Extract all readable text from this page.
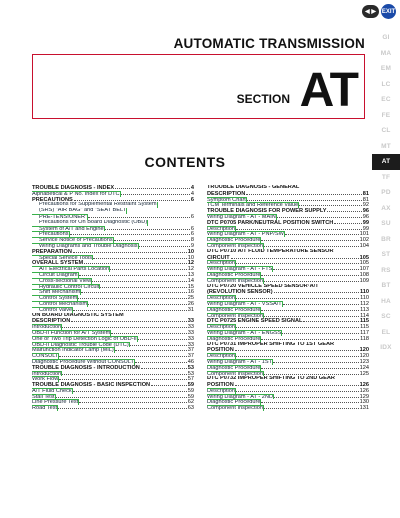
◀ ▶ EXIT
AUTOMATIC TRANSMISSION
SECTION AT
CONTENTS
TROUBLE DIAGNOSIS - INDEX	4
Alphabetical & P No. Index for DTC	4
PRECAUTIONS	6
Precautions for Supplemental Restraint System
(SRS) "AIR BAG" and "SEAT BELT
PRE-TENSIONER"	6
Precautions for On Board Diagnostic (OBD)
System of A/T and Engine	6
Precautions	6
Service Notice or Precautions	8
Wiring Diagrams and Trouble Diagnosis	9
PREPARATION	10
Special Service Tools	10
OVERALL SYSTEM	12
A/T Electrical Parts Location	12
Circuit Diagram	13
Cross-sectional View	14
Hydraulic Control Circuit	15
Shift Mechanism	16
Control System	25
Control Mechanism	26
Control Valve	31
ON BOARD DIAGNOSTIC SYSTEM
DESCRIPTION	33
Introduction	33
OBD-II Function for A/T System	33
One or Two Trip Detection Logic of OBD-II	33
OBD-II Diagnostic Trouble Code (DTC)	33
Malfunction Indicator Lamp (MIL)	37
CONSULT	37
Diagnostic Procedure Without CONSULT	46
TROUBLE DIAGNOSIS - INTRODUCTION	53
Introduction	53
Work Flow	57
TROUBLE DIAGNOSIS - BASIC INSPECTION	59
A/T Fluid Check	59
Stall Test	59
Line Pressure Test	62
Road Test	63
TROUBLE DIAGNOSIS - GENERAL
DESCRIPTION	81
Symptom Chart	81
TCM Terminals and Reference Value	92
TROUBLE DIAGNOSIS FOR POWER SUPPLY	96
Wiring Diagram - AT - MAIN	96
DTC P0705 PARK/NEUTRAL POSITION SWITCH	99
Description	99
Wiring Diagram - AT - PNP/SW	101
Diagnostic Procedure	102
Component Inspection	104
DTC P0710 A/T FLUID TEMPERATURE SENSOR
CIRCUIT	105
Description	105
Wiring Diagram - AT - FTS	107
Diagnostic Procedure	108
Component Inspection	109
DTC P0720 VEHICLE SPEED SENSOR·A/T
(REVOLUTION SENSOR)	110
Description	110
Wiring Diagram - AT - VSSA/T	112
Diagnostic Procedure	113
Component Inspection	114
DTC P0725 ENGINE SPEED SIGNAL	115
Description	115
Wiring Diagram - AT - ENGSS	117
Diagnostic Procedure	118
DTC P0731 IMPROPER SHIFTING TO 1ST GEAR
POSITION	120
Description	120
Wiring Diagram - AT - 1ST	123
Diagnostic Procedure	124
Component Inspection	125
DTC P0732 IMPROPER SHIFTING TO 2ND GEAR
POSITION	126
Description	126
Wiring Diagram - AT - 2ND	129
Diagnostic Procedure	130
Component Inspection	131
GI
MA
EM
LC
EC
FE
CL
MT
AT
TF
PD
AX
SU
BR
ST
RS
BT
HA
SC
EL
IDX
